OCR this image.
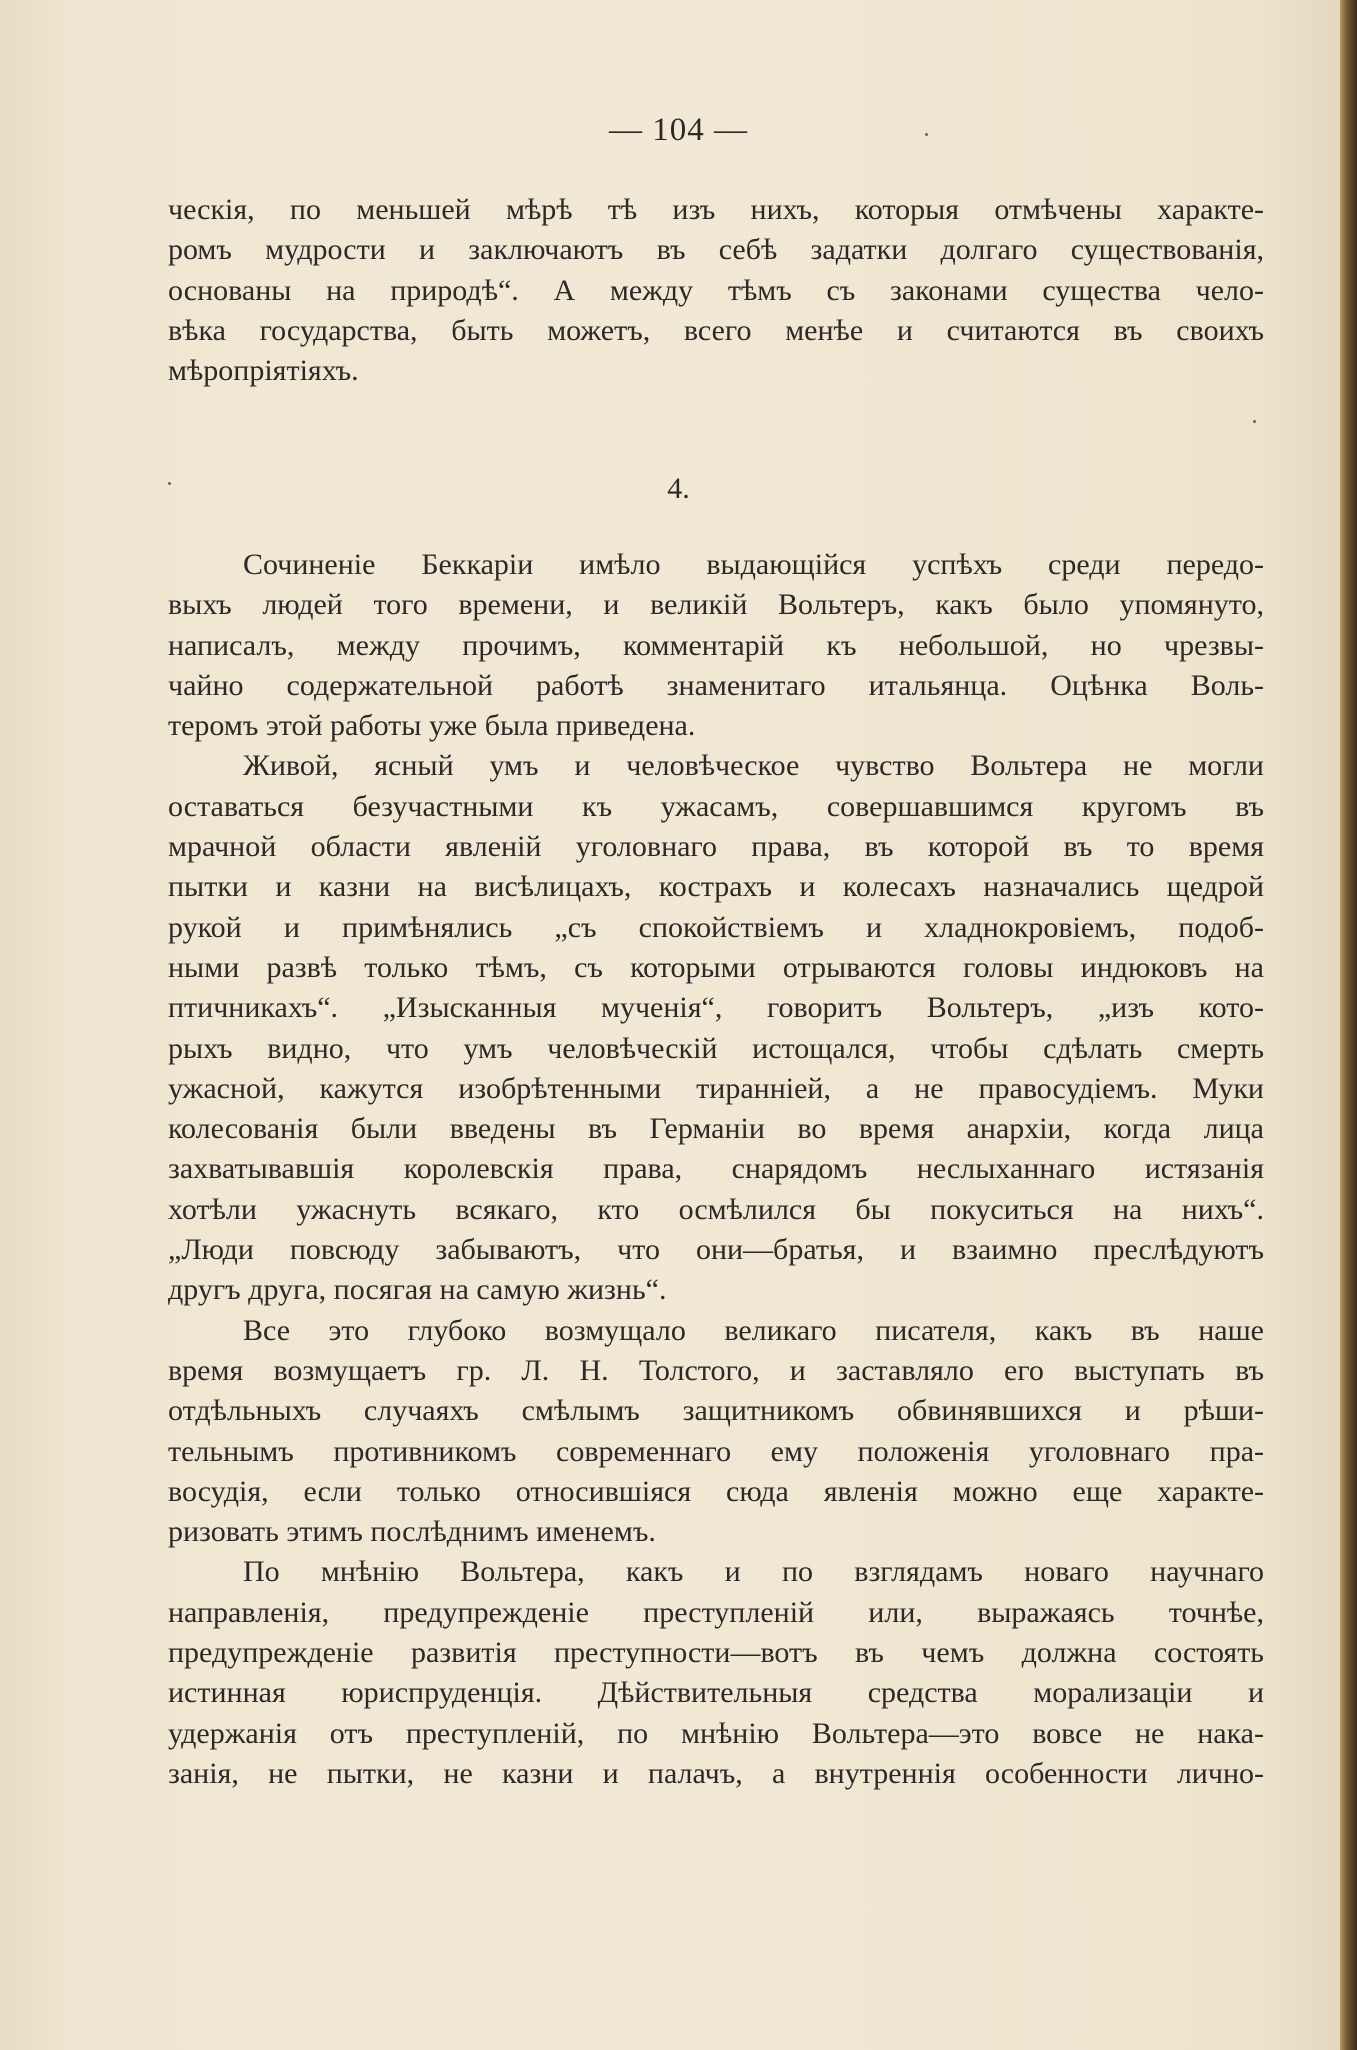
— 104 —
ческія, по меньшей мѣрѣ тѣ изъ нихъ, которыя отмѣчены характе-
ромъ мудрости и заключаютъ въ себѣ задатки долгаго существованія,
основаны на природѣ“. А между тѣмъ съ законами существа чело-
вѣка государства, быть можетъ, всего менѣе и считаются въ своихъ
мѣропріятіяхъ.
4.
Сочиненіе Беккаріи имѣло выдающійся успѣхъ среди передо-
выхъ людей того времени, и великій Вольтеръ, какъ было упомянуто,
написалъ, между прочимъ, комментарій къ небольшой, но чрезвы-
чайно содержательной работѣ знаменитаго итальянца. Оцѣнка Воль-
теромъ этой работы уже была приведена.
Живой, ясный умъ и человѣческое чувство Вольтера не могли
оставаться безучастными къ ужасамъ, совершавшимся кругомъ въ
мрачной области явленій уголовнаго права, въ которой въ то время
пытки и казни на висѣлицахъ, кострахъ и колесахъ назначались щедрой
рукой и примѣнялись „съ спокойствіемъ и хладнокровіемъ, подоб-
ными развѣ только тѣмъ, съ которыми отрываются головы индюковъ на
птичникахъ“. „Изысканныя мученія“, говоритъ Вольтеръ, „изъ кото-
рыхъ видно, что умъ человѣческій истощался, чтобы сдѣлать смерть
ужасной, кажутся изобрѣтенными тиранніей, а не правосудіемъ. Муки
колесованія были введены въ Германіи во время анархіи, когда лица
захватывавшія королевскія права, снарядомъ неслыханнаго истязанія
хотѣли ужаснуть всякаго, кто осмѣлился бы покуситься на нихъ“.
„Люди повсюду забываютъ, что они—братья, и взаимно преслѣдуютъ
другъ друга, посягая на самую жизнь“.
Все это глубоко возмущало великаго писателя, какъ въ наше
время возмущаетъ гр. Л. Н. Толстого, и заставляло его выступать въ
отдѣльныхъ случаяхъ смѣлымъ защитникомъ обвинявшихся и рѣши-
тельнымъ противникомъ современнаго ему положенія уголовнаго пра-
восудія, если только относившіяся сюда явленія можно еще характе-
ризовать этимъ послѣднимъ именемъ.
По мнѣнію Вольтера, какъ и по взглядамъ новаго научнаго
направленія, предупрежденіе преступленій или, выражаясь точнѣе,
предупрежденіе развитія преступности—вотъ въ чемъ должна состоять
истинная юриспруденція. Дѣйствительныя средства морализаціи и
удержанія отъ преступленій, по мнѣнію Вольтера—это вовсе не нака-
занія, не пытки, не казни и палачъ, а внутреннія особенности лично-
